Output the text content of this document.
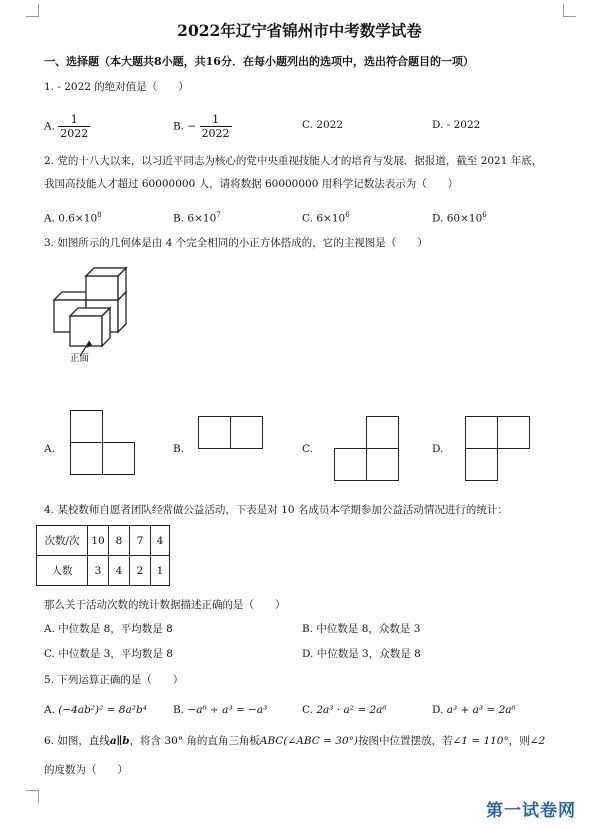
2022年辽宁省锦州市中考数学试卷
一、选择题（本大题共8小题，共16分．在每小题列出的选项中，选出符合题目的一项）
1. - 2022 的绝对值是（　　）
A. $\frac{1}{2022}$	B. − $\frac{1}{2022}$	C. 2022	D. - 2022
2. 党的十八大以来，以习近平同志为核心的党中央重视技能人才的培育与发展．据报道，截至 2021 年底，
我国高技能人才超过 60000000 人，请将数据 60000000 用科学记数法表示为（　　）
A. $0.6\times 10^8$	B. $6\times 10^7$	C. $6\times 10^6$	D. $60\times 10^6$
3. 如图所示的几何体是由 4 个完全相同的小正方体搭成的，它的主视图是（　　）
正面
A.	B.	C.	D.
4. 某校数师自愿者团队经常做公益活动，下表是对 10 名成员本学期参加公益活动情况进行的统计：
次数/次	10	8	7	4
人数	3	4	2	1
那么关于活动次数的统计数据描述正确的是（　　）
A. 中位数是 8，平均数是 8	B. 中位数是 8，众数是 3
C. 中位数是 3，平均数是 8	D. 中位数是 3，众数是 8
5. 下列运算正确的是（　　）
A. (−4ab²)² = 8a²b⁴ B. −a⁶ ÷ a³ = −a³	C. 2a³ · a² = 2a⁶	D. a³ + a³ = 2a⁶
6. 如图，直线a∥b，将含 30° 角的直角三角板ABC(∠ABC = 30°)按图中位置摆放，若∠1 = 110°，则∠2
的度数为（　　）
第一试卷网
